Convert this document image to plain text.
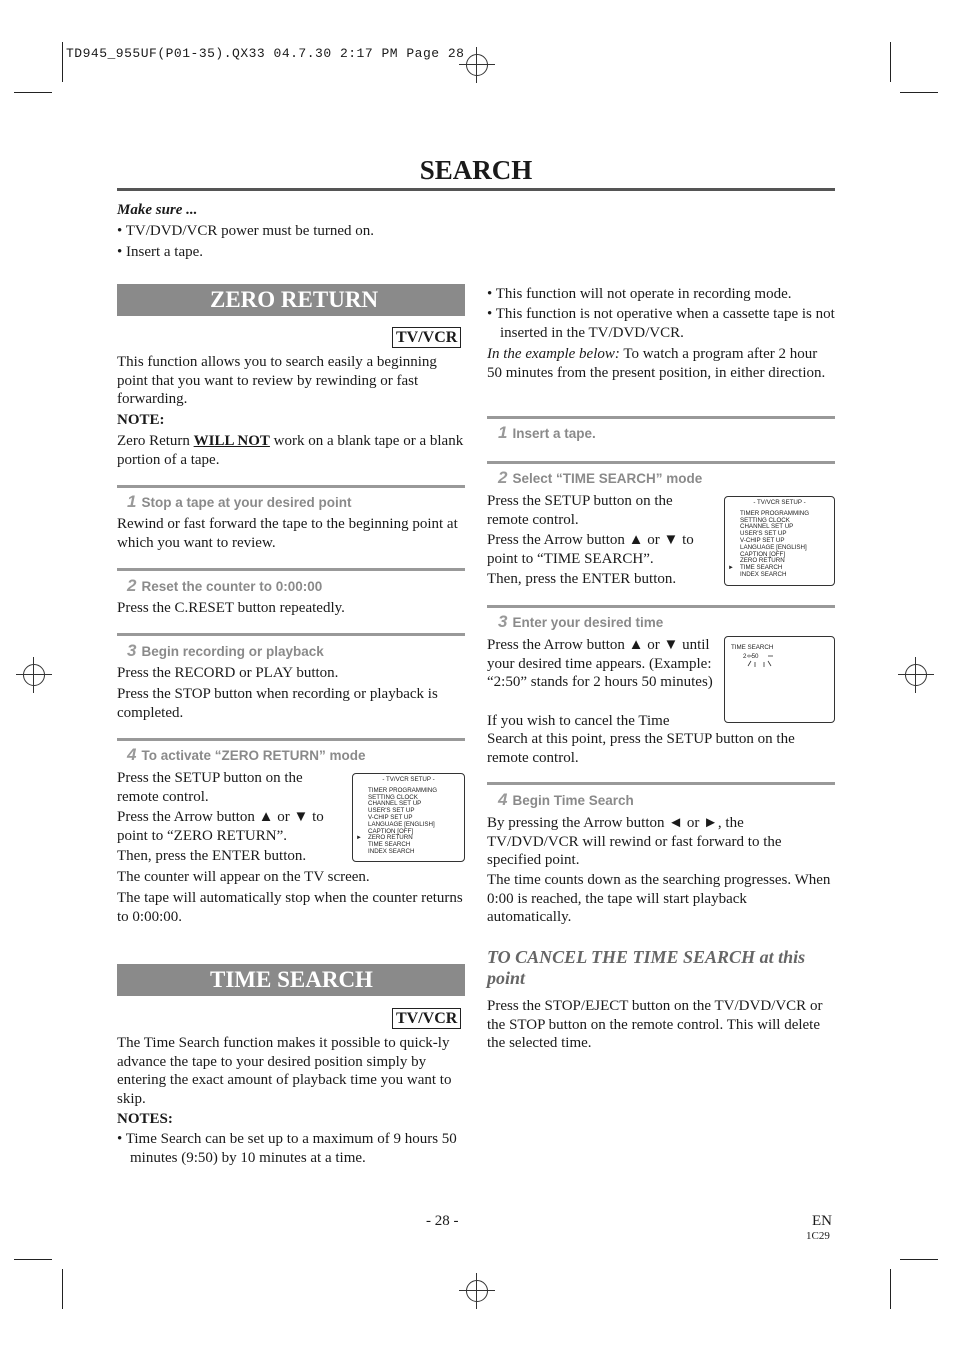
TD945_955UF(P01-35).QX33 04.7.30 2:17 PM Page 28
SEARCH
Make sure ...
• TV/DVD/VCR power must be turned on.
• Insert a tape.
ZERO RETURN
TV/VCR

This function allows you to search easily a beginning point that you want to review by rewinding or fast forwarding.

NOTE:

Zero Return WILL NOT work on a blank tape or a blank portion of a tape.

1 Stop a tape at your desired point

Rewind or fast forward the tape to the beginning point at which you want to review.

2 Reset the counter to 0:00:00

Press the C.RESET button repeatedly.

3 Begin recording or playback

Press the RECORD or PLAY button.

Press the STOP button when recording or playback is completed.

4 To activate “ZERO RETURN” mode

Press the SETUP button on the remote control.

Press the Arrow button ▲ or ▼ to point to “ZERO RETURN”.

Then, press the ENTER button.

The counter will appear on the TV screen.

The tape will automatically stop when the counter returns to 0:00:00.

- TV/VCR SETUP -
TIMER PROGRAMMING
SETTING CLOCK
CHANNEL SET UP
USER'S SET UP
V-CHIP SET UP
LANGUAGE [ENGLISH]
CAPTION [OFF]
► ZERO RETURN
TIME SEARCH
INDEX SEARCH
TIME SEARCH
TV/VCR

The Time Search function makes it possible to quick-ly advance the tape to your desired position simply by entering the exact amount of playback time you want to skip.

NOTES:

• Time Search can be set up to a maximum of 9 hours 50 minutes (9:50) by 10 minutes at a time.

• This function will not operate in recording mode.

• This function is not operative when a cassette tape is not inserted in the TV/DVD/VCR.

In the example below: To watch a program after 2 hour 50 minutes from the present position, in either direction.

1 Insert a tape.
2 Select “TIME SEARCH” mode

Press the SETUP button on the remote control.

Press the Arrow button ▲ or ▼ to point to “TIME SEARCH”.

Then, press the ENTER button.

- TV/VCR SETUP -
TIMER PROGRAMMING
SETTING CLOCK
CHANNEL SET UP
USER'S SET UP
V-CHIP SET UP
LANGUAGE [ENGLISH]
CAPTION [OFF]
ZERO RETURN
► TIME SEARCH
INDEX SEARCH
3 Enter your desired time

Press the Arrow button ▲ or ▼ until your desired time appears. (Example: “2:50” stands for 2 hours 50 minutes)

If you wish to cancel the Time

Search at this point, press the SETUP button on the remote control.

TIME SEARCH
2 : 50
4 Begin Time Search

By pressing the Arrow button ◄ or ►, the TV/DVD/VCR will rewind or fast forward to the specified point.

The time counts down as the searching progresses. When 0:00 is reached, the tape will start playback automatically.

TO CANCEL THE TIME SEARCH at this point

Press the STOP/EJECT button on the TV/DVD/VCR or the STOP button on the remote control. This will delete the selected time.

- 28 -	EN
1C29
